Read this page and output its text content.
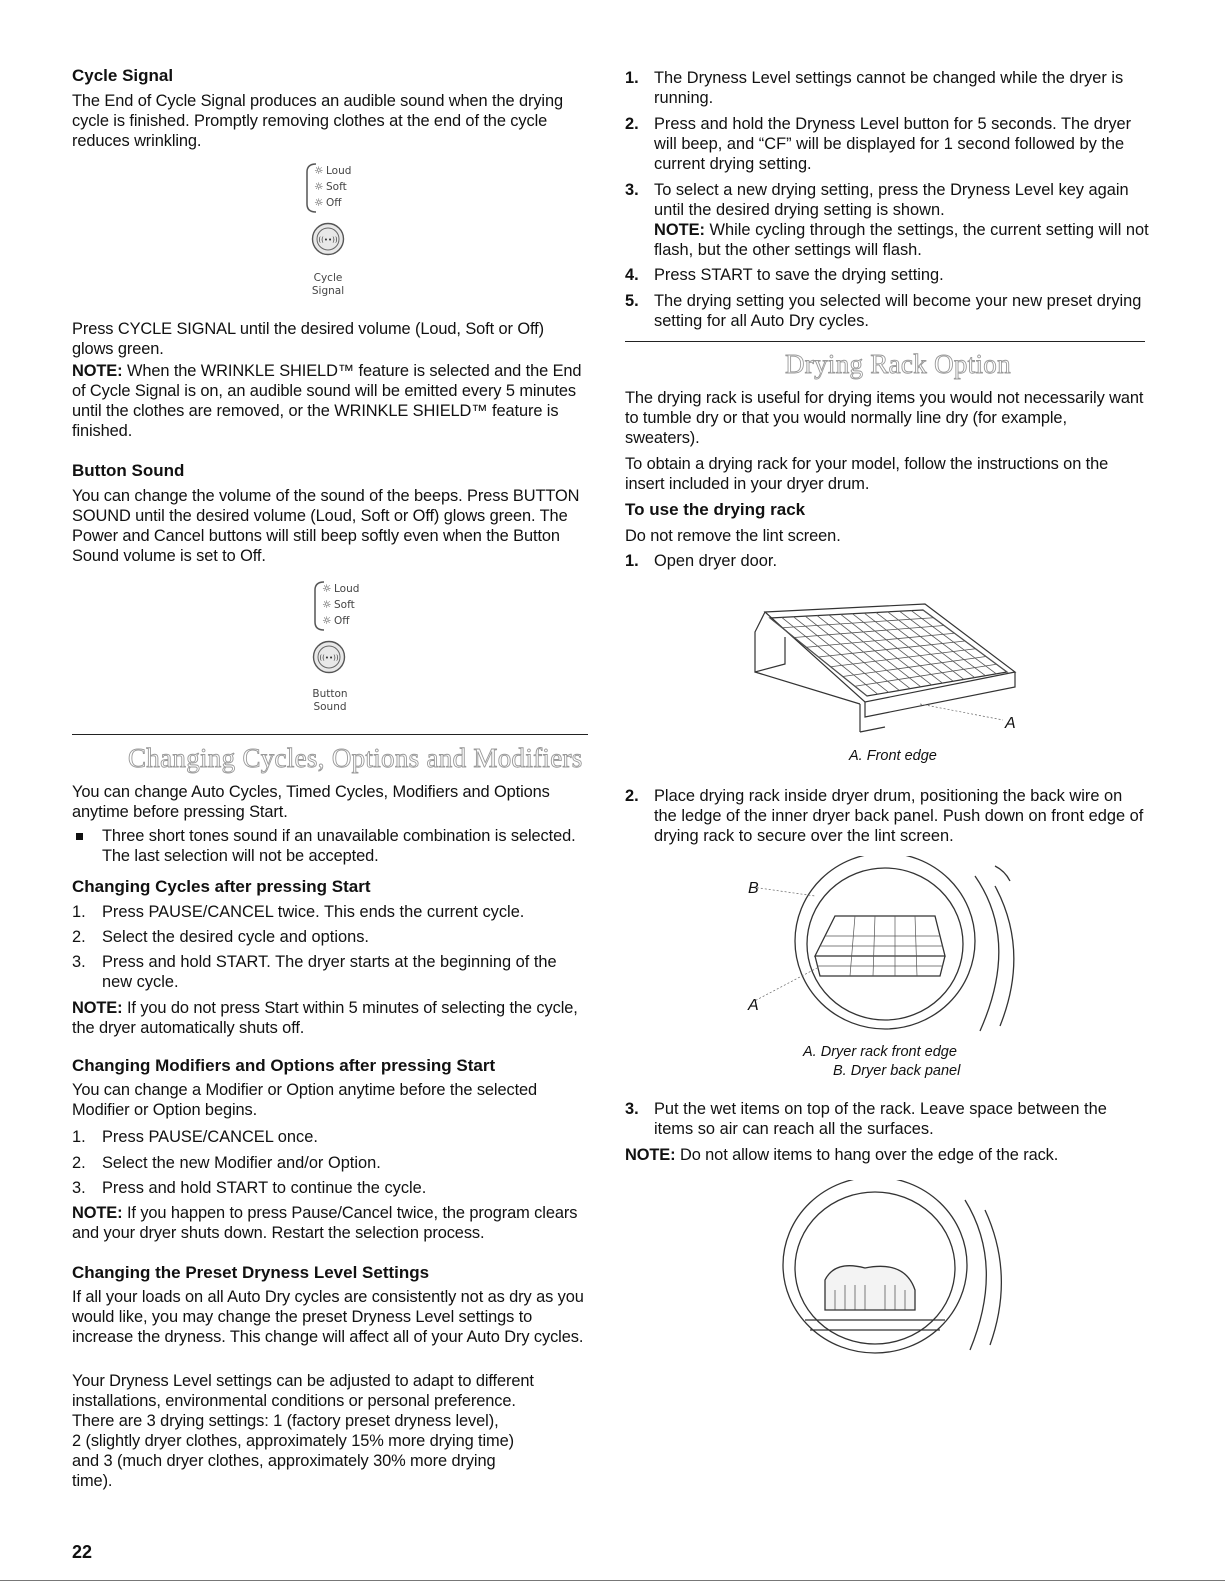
Cycle Signal

The End of Cycle Signal produces an audible sound when the drying cycle is finished. Promptly removing clothes at the end of the cycle reduces wrinkling.

☼
☼
☼
Loud
Soft
Off
((••))
Cycle
Signal

Press CYCLE SIGNAL until the desired volume (Loud, Soft or Off) glows green.

NOTE: When the WRINKLE SHIELD™ feature is selected and the End of Cycle Signal is on, an audible sound will be emitted every 5 minutes until the clothes are removed, or the WRINKLE SHIELD™ feature is finished.

Button Sound

You can change the volume of the sound of the beeps. Press BUTTON SOUND until the desired volume (Loud, Soft or Off) glows green. The Power and Cancel buttons will still beep softly even when the Button Sound volume is set to Off.

☼
☼
☼
Loud
Soft
Off
((••))
Button
Sound
Changing Cycles, Options and Modifiers

You can change Auto Cycles, Timed Cycles, Modifiers and Options anytime before pressing Start.

Three short tones sound if an unavailable combination is selected. The last selection will not be accepted.

Changing Cycles after pressing Start

1. Press PAUSE/CANCEL twice. This ends the current cycle.
2. Select the desired cycle and options.
3. Press and hold START. The dryer starts at the beginning of the new cycle.

NOTE: If you do not press Start within 5 minutes of selecting the cycle, the dryer automatically shuts off.

Changing Modifiers and Options after pressing Start

You can change a Modifier or Option anytime before the selected Modifier or Option begins.

1. Press PAUSE/CANCEL once.
2. Select the new Modifier and/or Option.
3. Press and hold START to continue the cycle.

NOTE: If you happen to press Pause/Cancel twice, the program clears and your dryer shuts down. Restart the selection process.

Changing the Preset Dryness Level Settings

If all your loads on all Auto Dry cycles are consistently not as dry as you would like, you may change the preset Dryness Level settings to increase the dryness. This change will affect all of your Auto Dry cycles.

Your Dryness Level settings can be adjusted to adapt to different

installations, environmental conditions or personal preference.

There are 3 drying settings: 1 (factory preset dryness level),

2 (slightly dryer clothes, approximately 15% more drying time)

and 3 (much dryer clothes, approximately 30% more drying

time).

1. The Dryness Level settings cannot be changed while the dryer is running.
2. Press and hold the Dryness Level button for 5 seconds. The dryer will beep, and “CF” will be displayed for 1 second followed by the current drying setting.
3. To select a new drying setting, press the Dryness Level key again until the desired drying setting is shown.
NOTE: While cycling through the settings, the current setting will not flash, but the other settings will flash.
4. Press START to save the drying setting.
5. The drying setting you selected will become your new preset drying setting for all Auto Dry cycles.
Drying Rack Option

The drying rack is useful for drying items you would not necessarily want to tumble dry or that you would normally line dry (for example, sweaters).

To obtain a drying rack for your model, follow the instructions on the insert included in your dryer drum.

To use the drying rack

Do not remove the lint screen.

1. Open dryer door.
A
A. Front edge
2. Place drying rack inside dryer drum, positioning the back wire on the ledge of the inner dryer back panel. Push down on front edge of drying rack to secure over the lint screen.
B
A
A. Dryer rack front edge
B. Dryer back panel
3. Put the wet items on top of the rack. Leave space between the items so air can reach all the surfaces.

NOTE: Do not allow items to hang over the edge of the rack.

22
